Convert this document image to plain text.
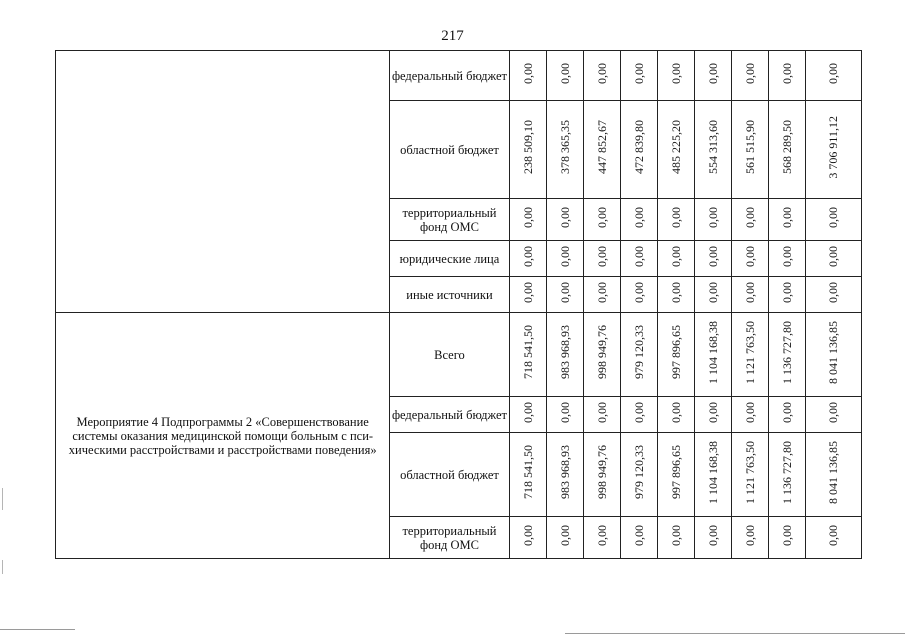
217
	федеральный бюджет	0,00	0,00	0,00	0,00	0,00	0,00	0,00	0,00	0,00
	областной бюджет	238 509,10	378 365,35	447 852,67	472 839,80	485 225,20	554 313,60	561 515,90	568 289,50	3 706 911,12
	территориальный фонд ОМС	0,00	0,00	0,00	0,00	0,00	0,00	0,00	0,00	0,00
	юридические лица	0,00	0,00	0,00	0,00	0,00	0,00	0,00	0,00	0,00
	иные источники	0,00	0,00	0,00	0,00	0,00	0,00	0,00	0,00	0,00
Мероприятие 4 Подпрограммы 2 «Совершенствование системы оказания медицинской помощи больным с пси-хическими расстройствами и расстройствами поведения»	Всего	718 541,50	983 968,93	998 949,76	979 120,33	997 896,65	1 104 168,38	1 121 763,50	1 136 727,80	8 041 136,85
	федеральный бюджет	0,00	0,00	0,00	0,00	0,00	0,00	0,00	0,00	0,00
	областной бюджет	718 541,50	983 968,93	998 949,76	979 120,33	997 896,65	1 104 168,38	1 121 763,50	1 136 727,80	8 041 136,85
	территориальный фонд ОМС	0,00	0,00	0,00	0,00	0,00	0,00	0,00	0,00	0,00
